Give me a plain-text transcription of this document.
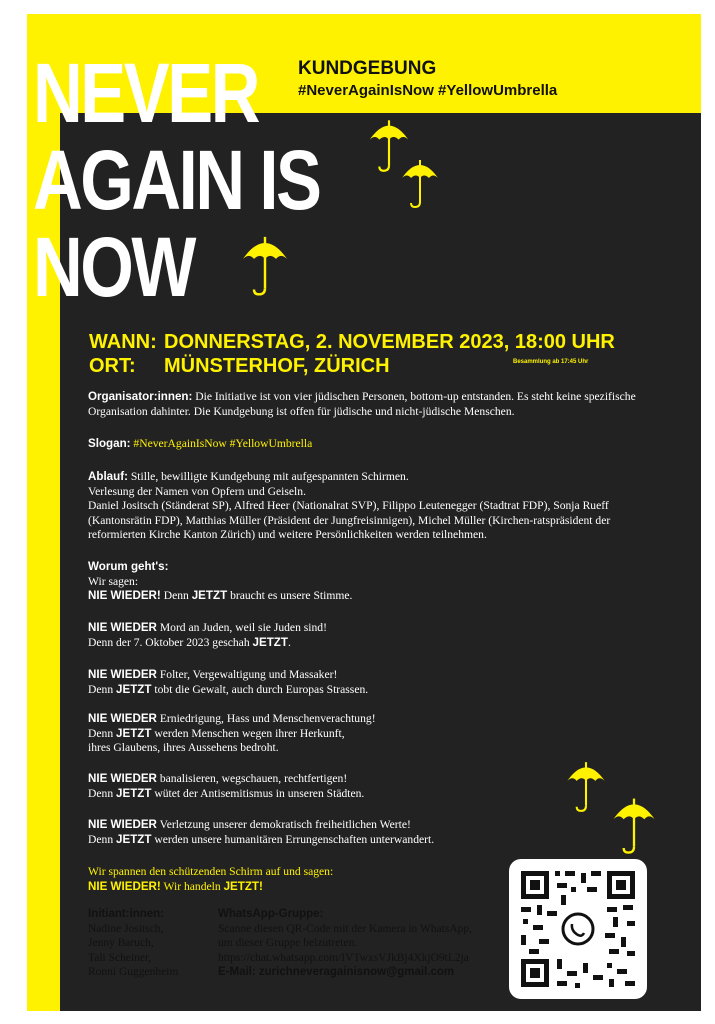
NEVER
AGAIN IS
NOW
KUNDGEBUNG
#NeverAgainIsNow #YellowUmbrella
WANN: DONNERSTAG, 2. NOVEMBER 2023, 18:00 UHR
ORT: MÜNSTERHOF, ZÜRICH	Besammlung ab 17:45 Uhr
Organisator:innen: Die Initiative ist von vier jüdischen Personen, bottom-up entstanden. Es steht keine spezifische Organisation dahinter. Die Kundgebung ist offen für jüdische und nicht-jüdische Menschen.
Slogan: #NeverAgainIsNow #YellowUmbrella
Ablauf: Stille, bewilligte Kundgebung mit aufgespannten Schirmen.
Verlesung der Namen von Opfern und Geiseln.
Daniel Jositsch (Ständerat SP), Alfred Heer (Nationalrat SVP), Filippo Leutenegger (Stadtrat FDP), Sonja Rueff (Kantonsrätin FDP), Matthias Müller (Präsident der Jungfreisinnigen), Michel Müller (Kirchen-ratspräsident der reformierten Kirche Kanton Zürich) und weitere Persönlichkeiten werden teilnehmen.
Worum geht's:
Wir sagen:
NIE WIEDER! Denn JETZT braucht es unsere Stimme.
NIE WIEDER Mord an Juden, weil sie Juden sind!
Denn der 7. Oktober 2023 geschah JETZT.
NIE WIEDER Folter, Vergewaltigung und Massaker!
Denn JETZT tobt die Gewalt, auch durch Europas Strassen.
NIE WIEDER Erniedrigung, Hass und Menschenverachtung!
Denn JETZT werden Menschen wegen ihrer Herkunft,
ihres Glaubens, ihres Aussehens bedroht.
NIE WIEDER banalisieren, wegschauen, rechtfertigen!
Denn JETZT wütet der Antisemitismus in unseren Städten.
NIE WIEDER Verletzung unserer demokratisch freiheitlichen Werte!
Denn JETZT werden unsere humanitären Errungenschaften unterwandert.
Wir spannen den schützenden Schirm auf und sagen:
NIE WIEDER! Wir handeln JETZT!
Initiant:innen:
Nadine Jositsch,
Jenny Baruch,
Tali Scheiner,
Ronni Guggenheim
WhatsApp-Gruppe:
Scanne diesen QR-Code mit der Kamera in WhatsApp,
um dieser Gruppe beizutreten.
https://chat.whatsapp.com/IVTwxsVJkBj4XkjO9tL2ja
E-Mail: zurichneveragainisnow@gmail.com
